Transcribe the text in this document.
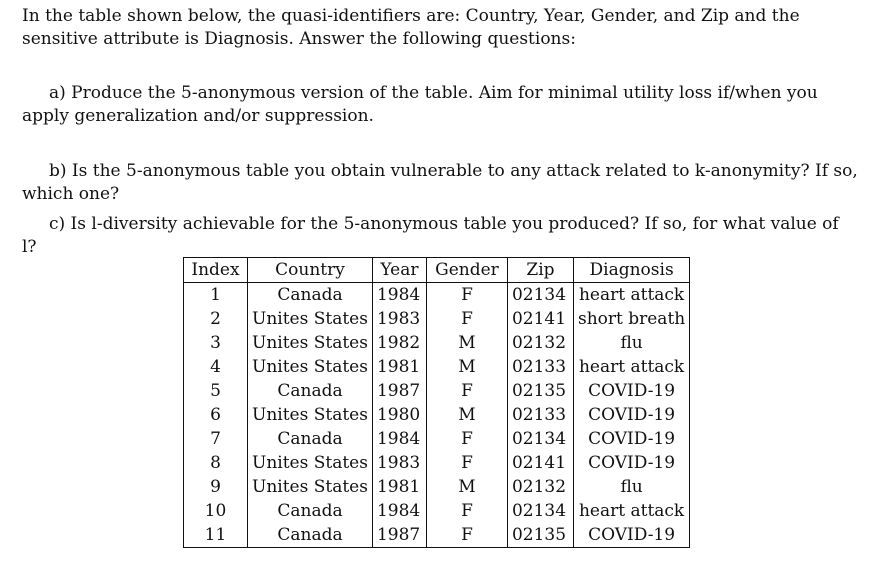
In the table shown below, the quasi-identifiers are: Country, Year, Gender, and Zip and the sensitive attribute is Diagnosis. Answer the following questions:

a) Produce the 5-anonymous version of the table. Aim for minimal utility loss if/when you apply generalization and/or suppression.

b) Is the 5-anonymous table you obtain vulnerable to any attack related to k-anonymity? If so, which one?

c) Is l-diversity achievable for the 5-anonymous table you produced? If so, for what value of l?

Index	Country	Year	Gender	Zip	Diagnosis
1	Canada	1984	F	02134	heart attack
2	Unites States	1983	F	02141	short breath
3	Unites States	1982	M	02132	flu
4	Unites States	1981	M	02133	heart attack
5	Canada	1987	F	02135	COVID-19
6	Unites States	1980	M	02133	COVID-19
7	Canada	1984	F	02134	COVID-19
8	Unites States	1983	F	02141	COVID-19
9	Unites States	1981	M	02132	flu
10	Canada	1984	F	02134	heart attack
11	Canada	1987	F	02135	COVID-19
